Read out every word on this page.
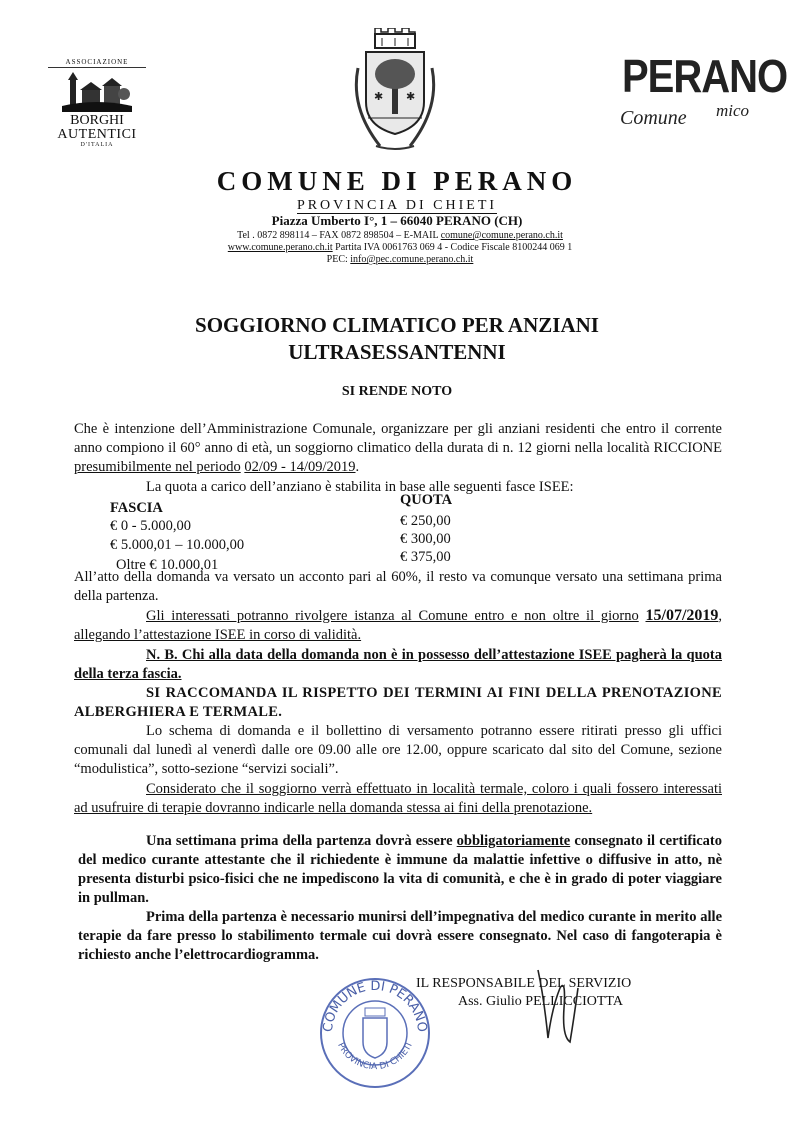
ASSOCIAZIONE
BORGHI
AUTENTICI
D'ITALIA
✱ ✱	PERANO
Comune mico
COMUNE DI PERANO
PROVINCIA DI CHIETI
Piazza Umberto I°, 1 – 66040 PERANO (CH)
Tel . 0872 898114 – FAX 0872 898504 – E-MAIL comune@comune.perano.ch.it
www.comune.perano.ch.it Partita IVA 0061763 069 4 - Codice Fiscale 8100244 069 1
PEC: info@pec.comune.perano.ch.it
SOGGIORNO CLIMATICO PER ANZIANI
ULTRASESSANTENNI
SI RENDE NOTO
Che è intenzione dell’Amministrazione Comunale, organizzare per gli anziani residenti che entro il corrente anno compiono il 60° anno di età, un soggiorno climatico della durata di n. 12 giorni nella località RICCIONE presumibilmente nel periodo 02/09 - 14/09/2019.
La quota a carico dell’anziano è stabilita in base alle seguenti fasce ISEE:
FASCIA	QUOTA
€ 0 - 5.000,00	€ 250,00
€ 5.000,01 – 10.000,00	€ 300,00
Oltre € 10.000,01	€ 375,00
All’atto della domanda va versato un acconto pari al 60%, il resto va comunque versato una settimana prima della partenza.
Gli interessati potranno rivolgere istanza al Comune entro e non oltre il giorno 15/07/2019, allegando l’attestazione ISEE in corso di validità.
N. B. Chi alla data della domanda non è in possesso dell’attestazione ISEE pagherà la quota della terza fascia.
SI RACCOMANDA IL RISPETTO DEI TERMINI AI FINI DELLA PRENOTAZIONE ALBERGHIERA E TERMALE.
Lo schema di domanda e il bollettino di versamento potranno essere ritirati presso gli uffici comunali dal lunedì al venerdì dalle ore 09.00 alle ore 12.00, oppure scaricato dal sito del Comune, sezione “modulistica”, sotto-sezione “servizi sociali”.
Considerato che il soggiorno verrà effettuato in località termale, coloro i quali fossero interessati ad usufruire di terapie dovranno indicarle nella domanda stessa ai fini della prenotazione.
Una settimana prima della partenza dovrà essere obbligatoriamente consegnato il certificato del medico curante attestante che il richiedente è immune da malattie infettive o diffusive in atto, nè presenta disturbi psico-fisici che ne impediscono la vita di comunità, e che è in grado di poter viaggiare in pullman.
Prima della partenza è necessario munirsi dell’impegnativa del medico curante in merito alle terapie da fare presso lo stabilimento termale cui dovrà essere consegnato. Nel caso di fangoterapia è richiesto anche l’elettrocardiogramma.
COMUNE DI PERANO
PROVINCIA DI CHIETI
IL RESPONSABILE DEL SERVIZIO
Ass. Giulio PELLICCIOTTA
